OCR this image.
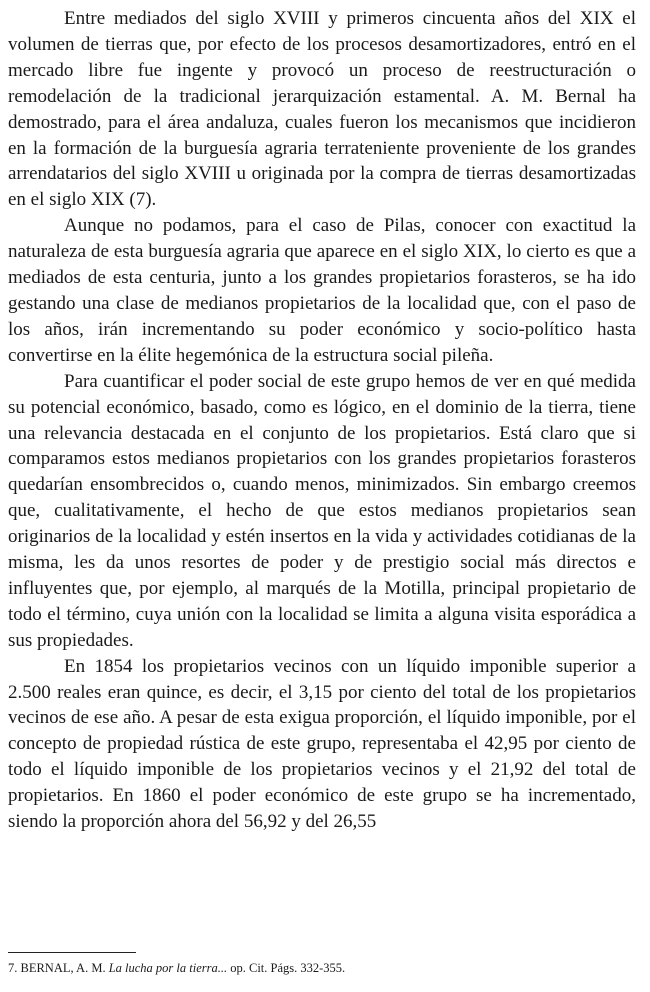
Entre mediados del siglo XVIII y primeros cincuenta años del XIX el volumen de tierras que, por efecto de los procesos desamortizadores, entró en el mercado libre fue ingente y provocó un proceso de reestructuración o remodelación de la tradicional jerarquización estamental. A. M. Bernal ha demostrado, para el área andaluza, cuales fueron los mecanismos que incidieron en la formación de la burguesía agraria terrateniente proveniente de los grandes arrendatarios del siglo XVIII u originada por la compra de tierras desamortizadas en el siglo XIX (7).

Aunque no podamos, para el caso de Pilas, conocer con exactitud la naturaleza de esta burguesía agraria que aparece en el siglo XIX, lo cierto es que a mediados de esta centuria, junto a los grandes propietarios forasteros, se ha ido gestando una clase de medianos propietarios de la localidad que, con el paso de los años, irán incrementando su poder económico y socio-político hasta convertirse en la élite hegemónica de la estructura social pileña.

Para cuantificar el poder social de este grupo hemos de ver en qué medida su potencial económico, basado, como es lógico, en el dominio de la tierra, tiene una relevancia destacada en el conjunto de los propietarios. Está claro que si comparamos estos medianos propietarios con los grandes propietarios forasteros quedarían ensombrecidos o, cuando menos, minimizados. Sin embargo creemos que, cualitativamente, el hecho de que estos medianos propietarios sean originarios de la localidad y estén insertos en la vida y actividades cotidianas de la misma, les da unos resortes de poder y de prestigio social más directos e influyentes que, por ejemplo, al marqués de la Motilla, principal propietario de todo el término, cuya unión con la localidad se limita a alguna visita esporádica a sus propiedades.

En 1854 los propietarios vecinos con un líquido imponible superior a 2.500 reales eran quince, es decir, el 3,15 por ciento del total de los propietarios vecinos de ese año. A pesar de esta exigua proporción, el líquido imponible, por el concepto de propiedad rústica de este grupo, representaba el 42,95 por ciento de todo el líquido imponible de los propietarios vecinos y el 21,92 del total de propietarios. En 1860 el poder económico de este grupo se ha incrementado, siendo la proporción ahora del 56,92 y del 26,55

7. BERNAL, A. M. La lucha por la tierra... op. Cit. Págs. 332-355.
